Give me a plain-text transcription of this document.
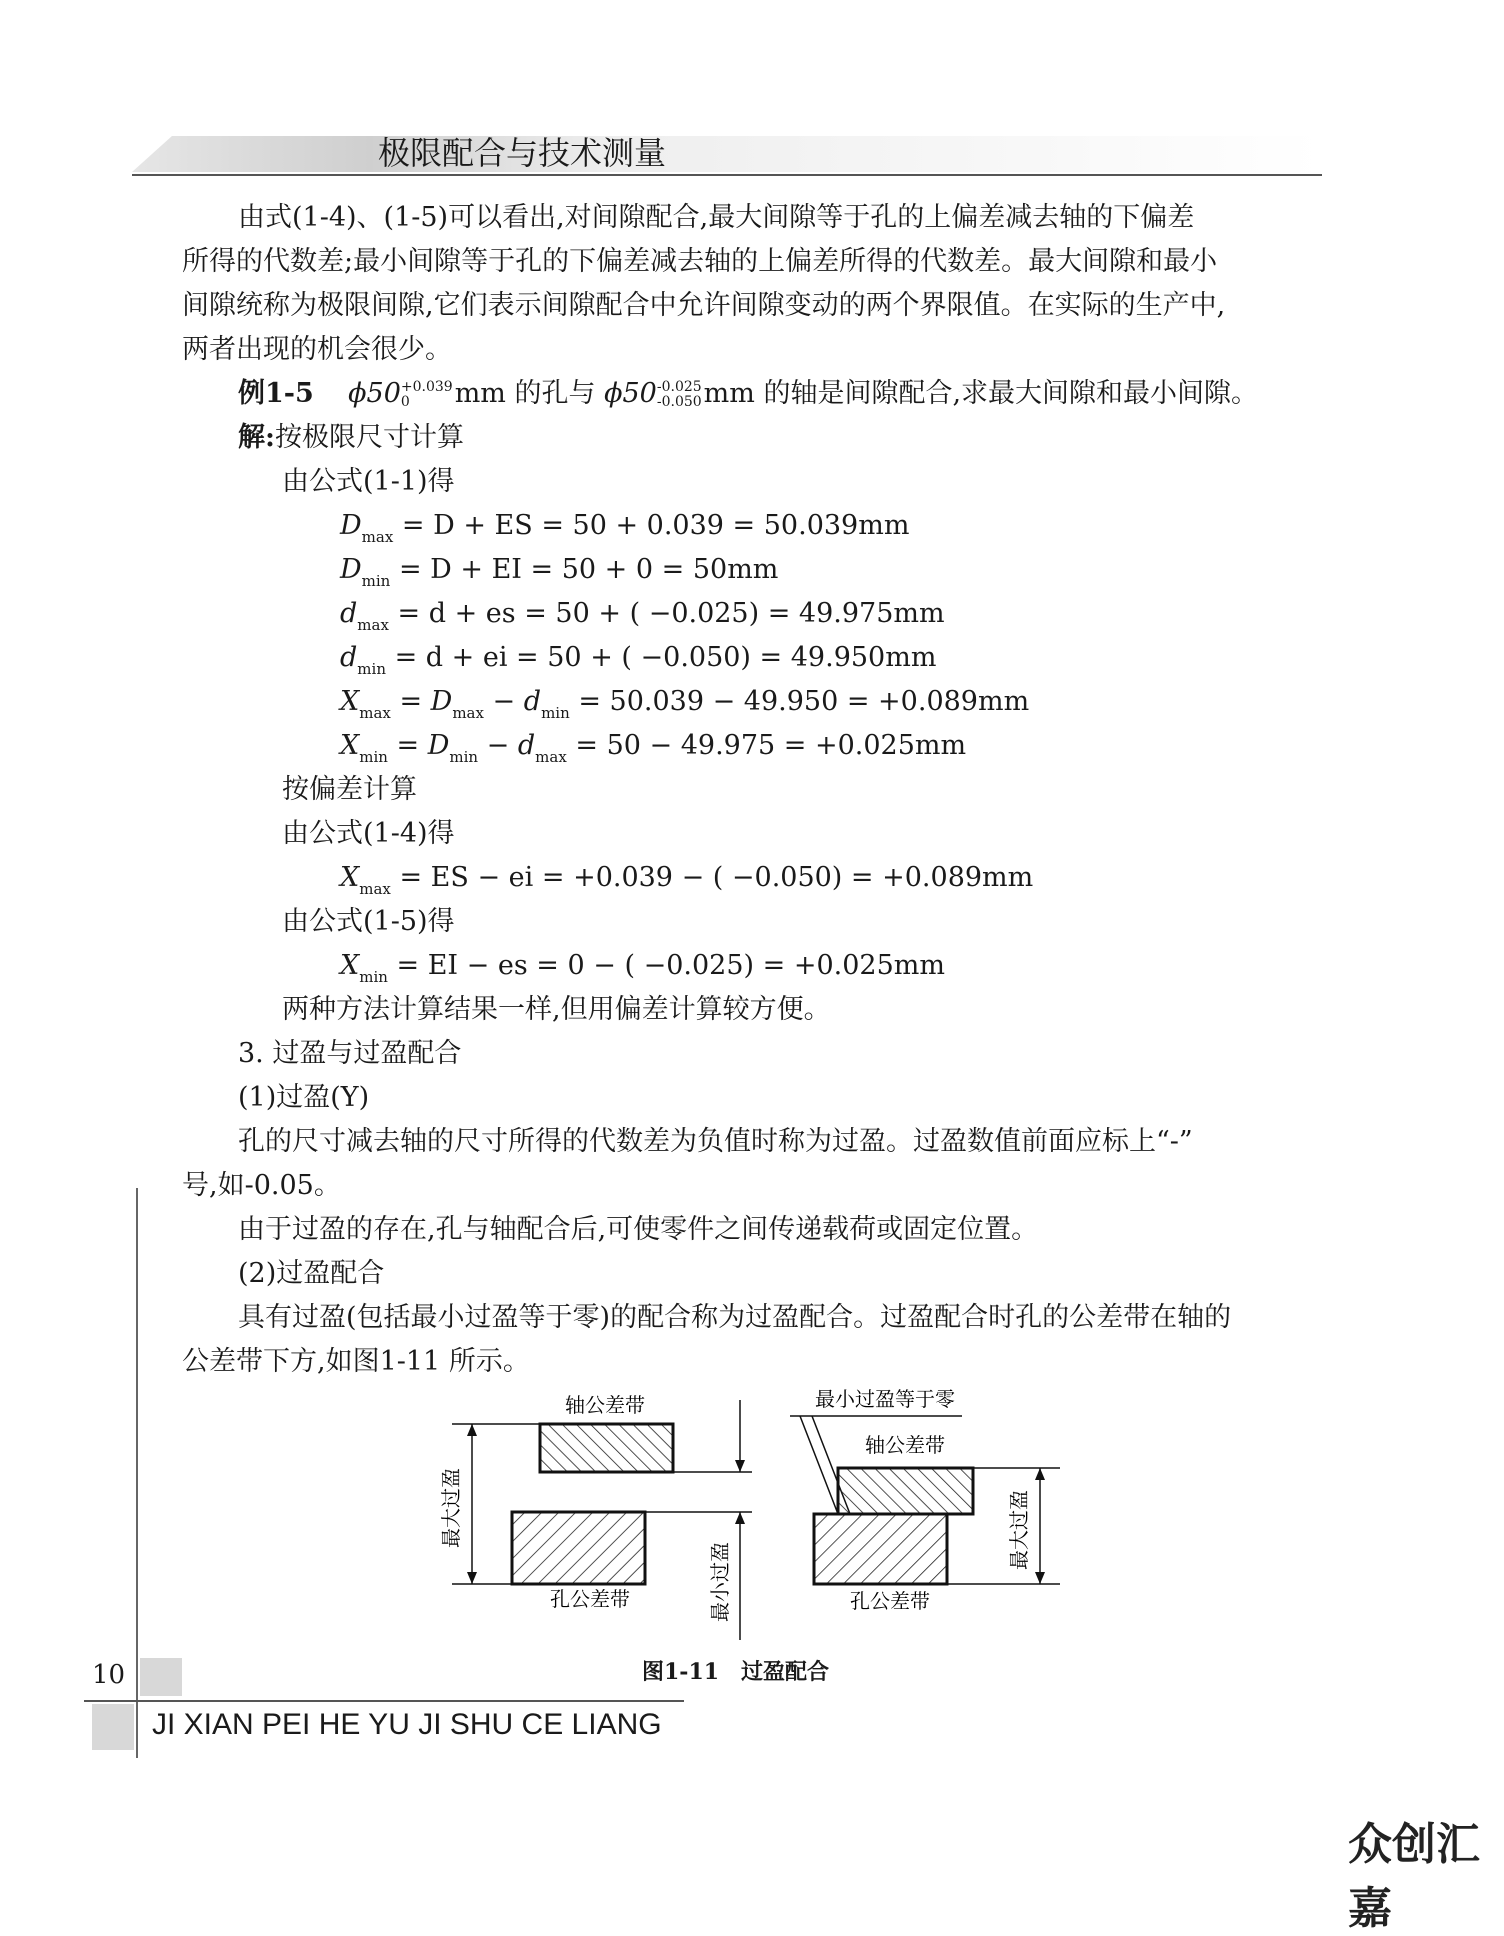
极限配合与技术测量
由式(1-4)、(1-5)可以看出,对间隙配合,最大间隙等于孔的上偏差减去轴的下偏差
所得的代数差;最小间隙等于孔的下偏差减去轴的上偏差所得的代数差。最大间隙和最小
间隙统称为极限间隙,它们表示间隙配合中允许间隙变动的两个界限值。在实际的生产中,
两者出现的机会很少。
例1-5 ϕ50+0.039
0 mm 的孔与 ϕ50-0.025
-0.050mm 的轴是间隙配合,求最大间隙和最小间隙。
解:按极限尺寸计算
由公式(1-1)得
$D_{max} = D$ + ES = 50 + 0.039 = 50.039mm
$D_{min} = D$ + EI = 50 + 0 = 50mm
$d_{max} = d$ + es = 50 + ( −0.025) = 49.975mm
$d_{min} = d$ + ei = 50 + ( −0.050) = 49.950mm
$X_{max} = D_{max} - d_{min} = 50.039 - 49.950 = +0.089mm$
$X_{min} = D_{min} - d_{max} = 50 - 49.975 = +0.025mm$
按偏差计算
由公式(1-4)得
$X_{max}$ = ES − ei = +0.039 − ( −0.050) = +0.089mm
由公式(1-5)得
$X_{min}$ = EI − es = 0 − ( −0.025) = +0.025mm
两种方法计算结果一样,但用偏差计算较方便。
3. 过盈与过盈配合
(1)过盈(Y)
孔的尺寸减去轴的尺寸所得的代数差为负值时称为过盈。过盈数值前面应标上“-”
号,如-0.05。
由于过盈的存在,孔与轴配合后,可使零件之间传递载荷或固定位置。
(2)过盈配合
具有过盈(包括最小过盈等于零)的配合称为过盈配合。过盈配合时孔的公差带在轴的
公差带下方,如图1-11 所示。
轴公差带
孔公差带
最大过盈
最小过盈
最小过盈等于零
轴公差带
孔公差带
最大过盈
图1-11　过盈配合
10
JI XIAN PEI HE YU JI SHU CE LIANG
众创汇嘉
